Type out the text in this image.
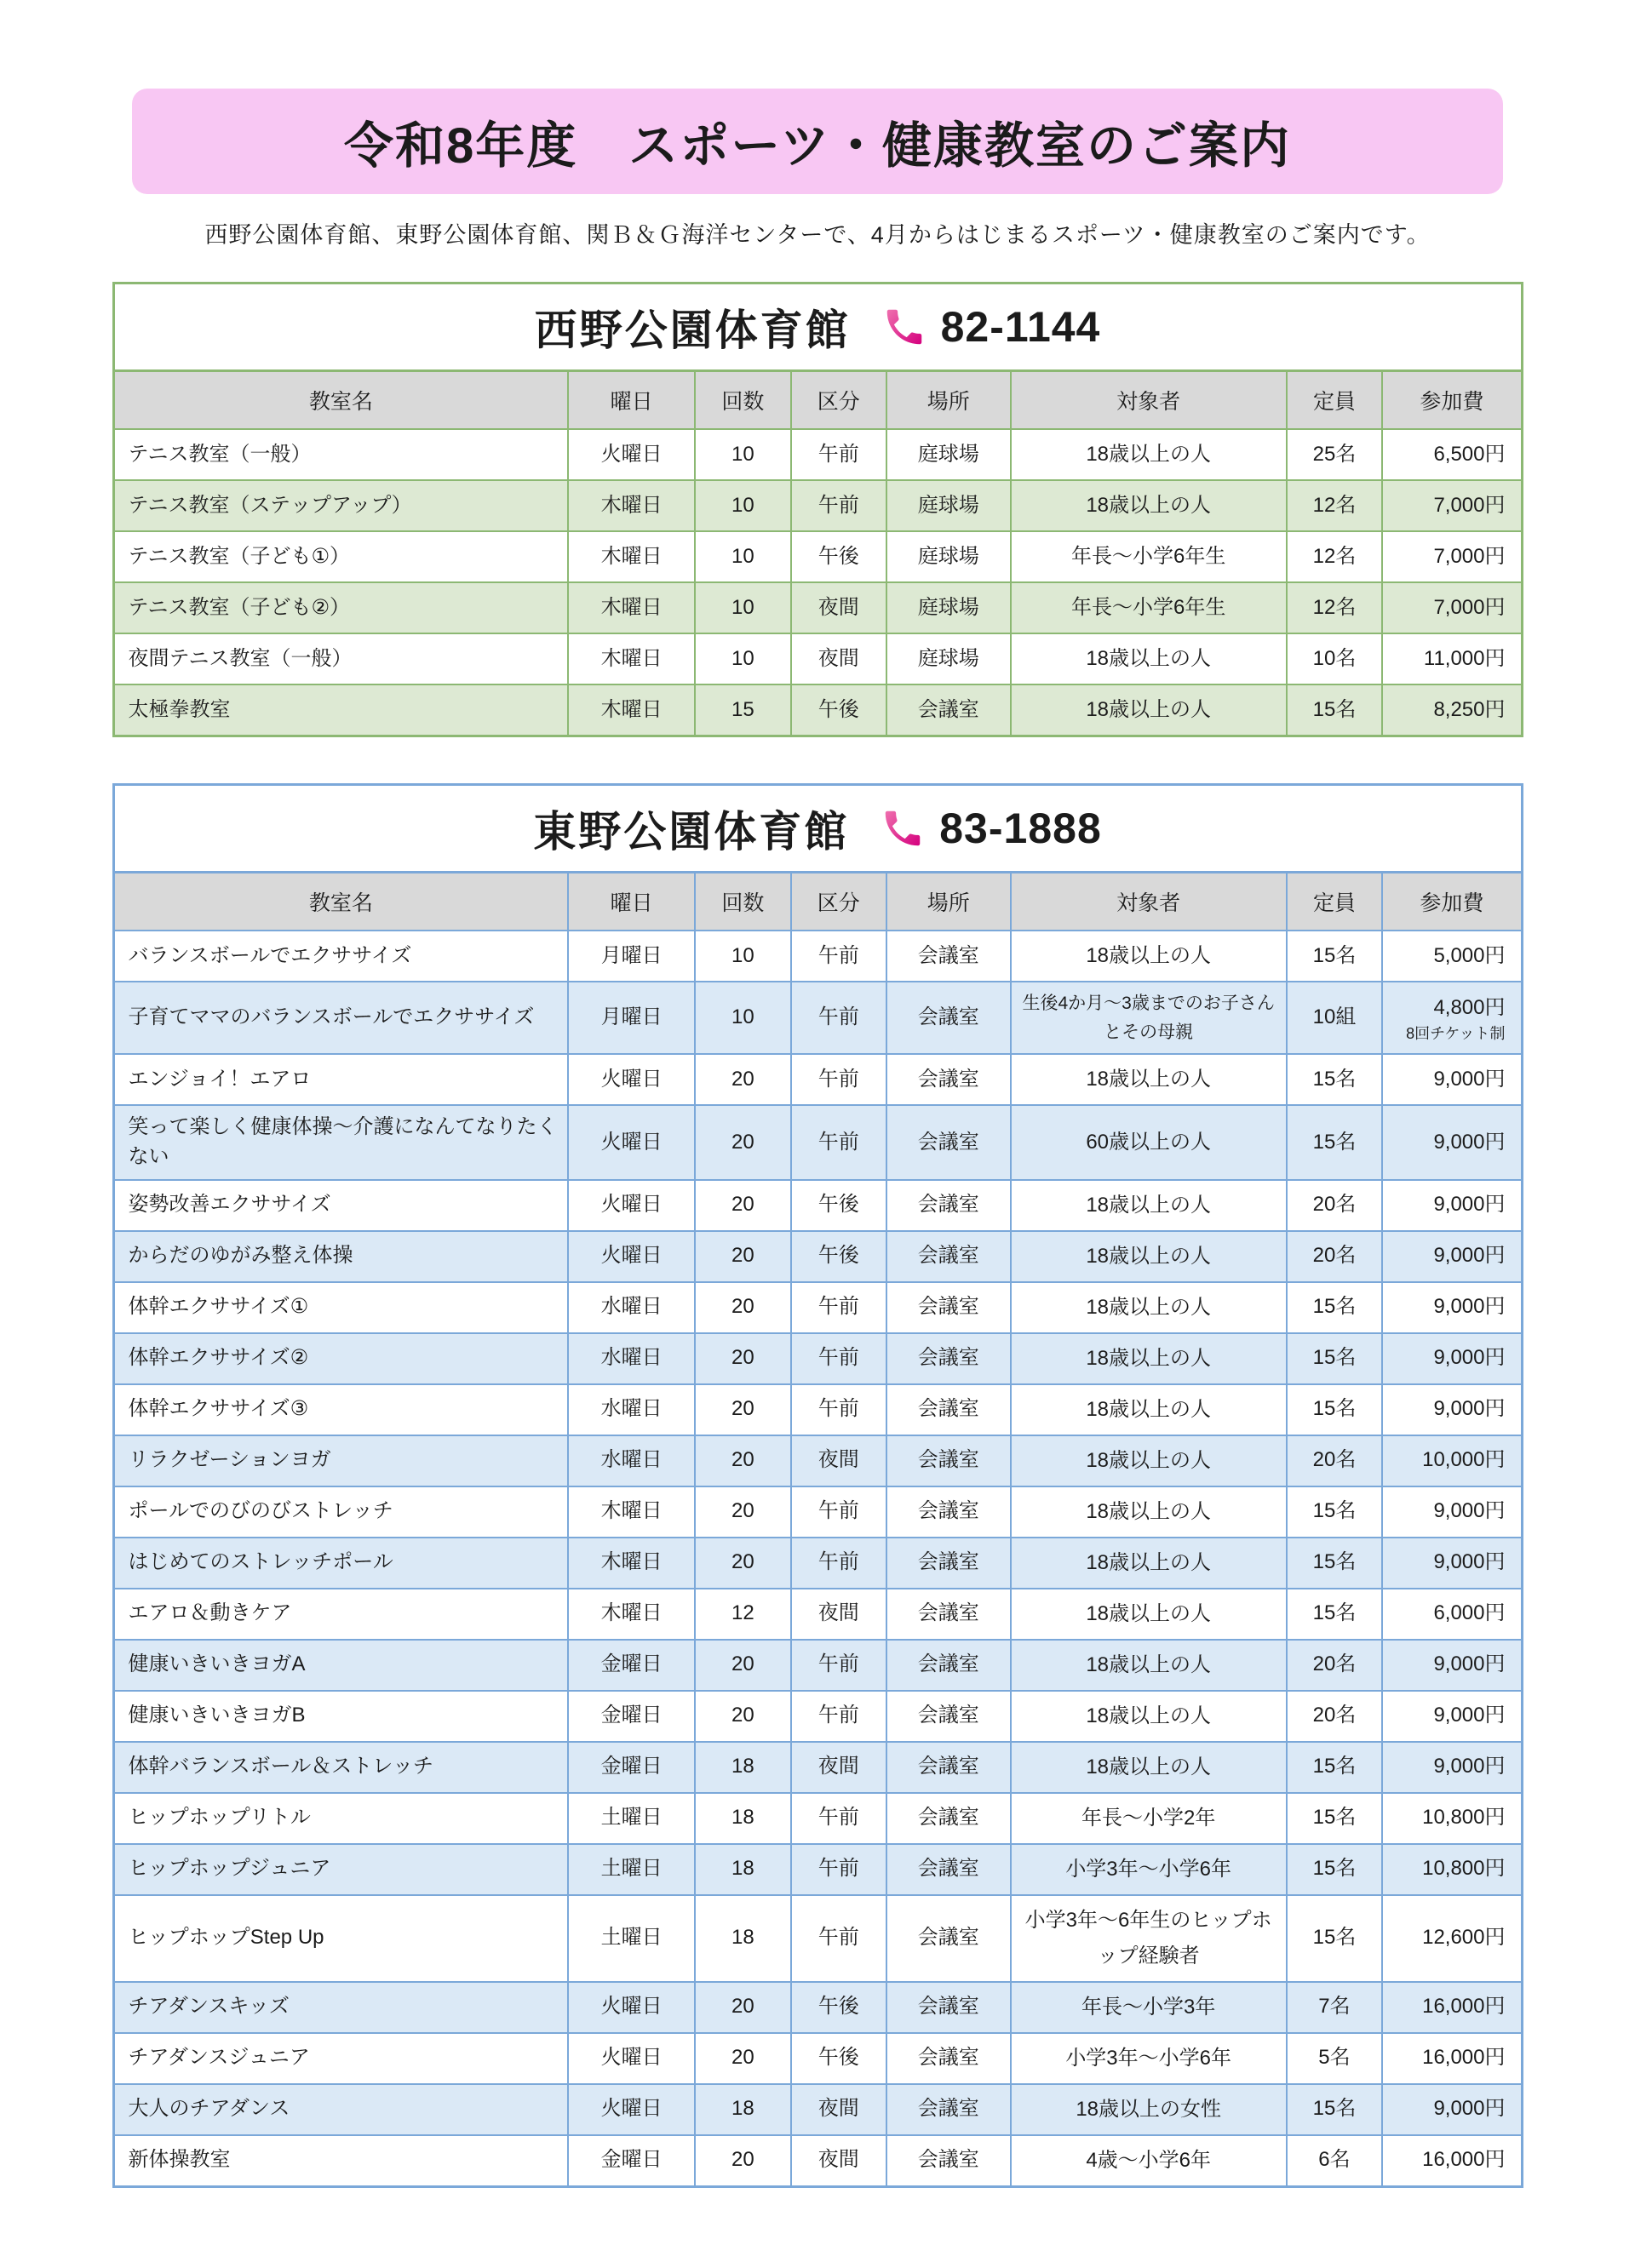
令和8年度　スポーツ・健康教室のご案内

西野公園体育館、東野公園体育館、関Ｂ＆Ｇ海洋センターで、4月からはじまるスポーツ・健康教室のご案内です。

西野公園体育館 82-1144
教室名	曜日	回数	区分	場所	対象者	定員	参加費
テニス教室（一般）	火曜日	10	午前	庭球場	18歳以上の人	25名	6,500円
テニス教室（ステップアップ）	木曜日	10	午前	庭球場	18歳以上の人	12名	7,000円
テニス教室（子ども①）	木曜日	10	午後	庭球場	年長～小学6年生	12名	7,000円
テニス教室（子ども②）	木曜日	10	夜間	庭球場	年長～小学6年生	12名	7,000円
夜間テニス教室（一般）	木曜日	10	夜間	庭球場	18歳以上の人	10名	11,000円
太極拳教室	木曜日	15	午後	会議室	18歳以上の人	15名	8,250円
東野公園体育館 83-1888
教室名	曜日	回数	区分	場所	対象者	定員	参加費
バランスボールでエクササイズ	月曜日	10	午前	会議室	18歳以上の人	15名	5,000円
子育てママのバランスボールでエクササイズ	月曜日	10	午前	会議室	生後4か月～3歳までのお子さんとその母親	10組	4,800円
8回チケット制

エンジョイ！エアロ	火曜日	20	午前	会議室	18歳以上の人	15名	9,000円
笑って楽しく健康体操～介護になんてなりたくない	火曜日	20	午前	会議室	60歳以上の人	15名	9,000円
姿勢改善エクササイズ	火曜日	20	午後	会議室	18歳以上の人	20名	9,000円
からだのゆがみ整え体操	火曜日	20	午後	会議室	18歳以上の人	20名	9,000円
体幹エクササイズ①	水曜日	20	午前	会議室	18歳以上の人	15名	9,000円
体幹エクササイズ②	水曜日	20	午前	会議室	18歳以上の人	15名	9,000円
体幹エクササイズ③	水曜日	20	午前	会議室	18歳以上の人	15名	9,000円
リラクゼーションヨガ	水曜日	20	夜間	会議室	18歳以上の人	20名	10,000円
ポールでのびのびストレッチ	木曜日	20	午前	会議室	18歳以上の人	15名	9,000円
はじめてのストレッチポール	木曜日	20	午前	会議室	18歳以上の人	15名	9,000円
エアロ＆動きケア	木曜日	12	夜間	会議室	18歳以上の人	15名	6,000円
健康いきいきヨガA	金曜日	20	午前	会議室	18歳以上の人	20名	9,000円
健康いきいきヨガB	金曜日	20	午前	会議室	18歳以上の人	20名	9,000円
体幹バランスボール＆ストレッチ	金曜日	18	夜間	会議室	18歳以上の人	15名	9,000円
ヒップホップリトル	土曜日	18	午前	会議室	年長～小学2年	15名	10,800円
ヒップホップジュニア	土曜日	18	午前	会議室	小学3年～小学6年	15名	10,800円
ヒップホップStep Up	土曜日	18	午前	会議室	小学3年～6年生のヒップホップ経験者	15名	12,600円
チアダンスキッズ	火曜日	20	午後	会議室	年長～小学3年	7名	16,000円
チアダンスジュニア	火曜日	20	午後	会議室	小学3年～小学6年	5名	16,000円
大人のチアダンス	火曜日	18	夜間	会議室	18歳以上の女性	15名	9,000円
新体操教室	金曜日	20	夜間	会議室	4歳～小学6年	6名	16,000円
